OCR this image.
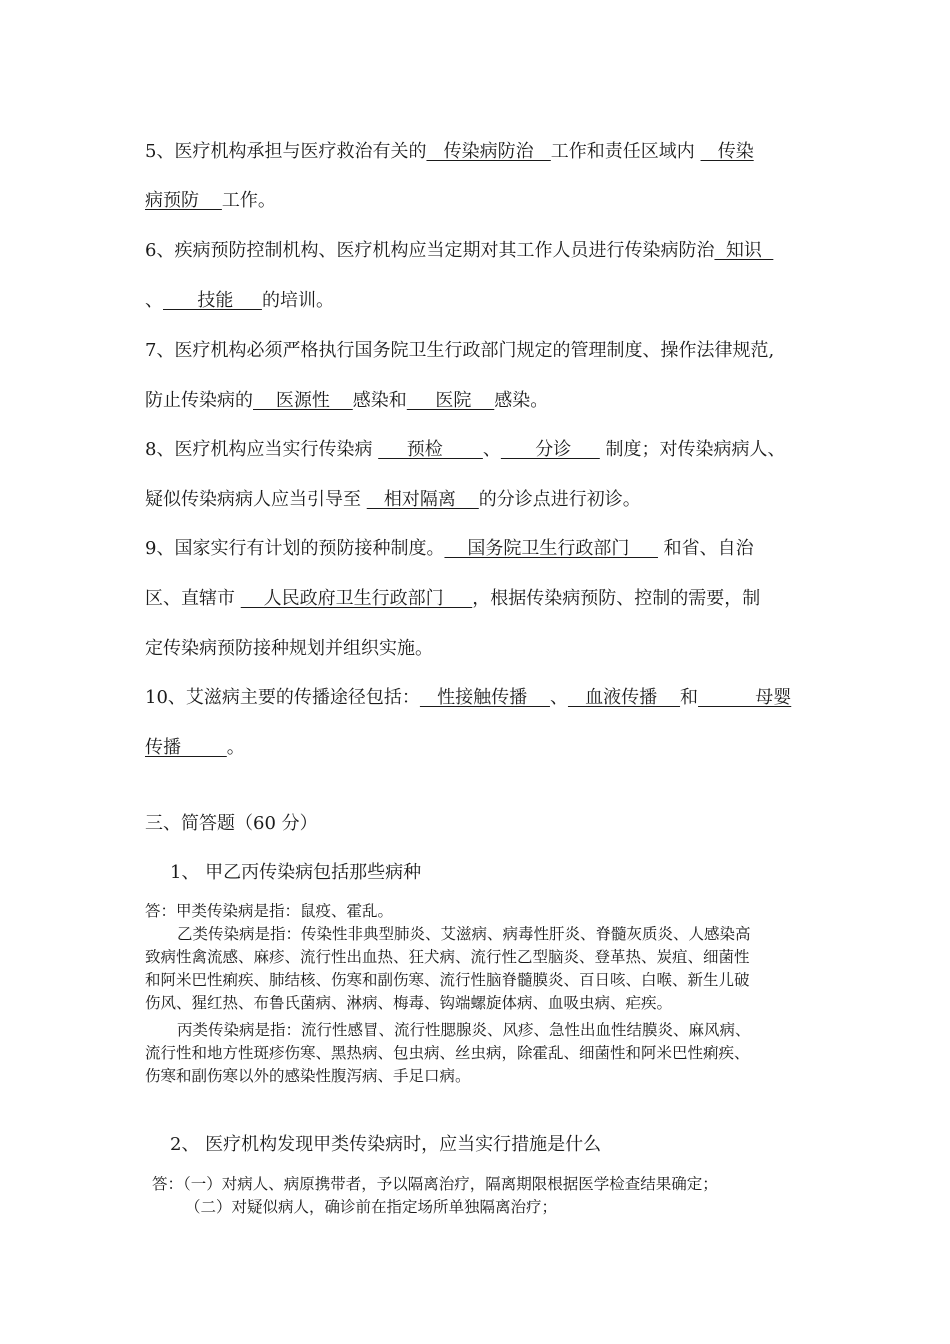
5、医疗机构承担与医疗救治有关的   传染病防治   工作和责任区域内    传染
病预防    工作。
6、疾病预防控制机构、医疗机构应当定期对其工作人员进行传染病防治  知识
、      技能     的培训。
7、医疗机构必须严格执行国务院卫生行政部门规定的管理制度、操作法律规范,
防止传染病的    医源性    感染和     医院    感染。
8、医疗机构应当实行传染病      预检       、      分诊      制度；对传染病病人、
疑似传染病病人应当引导至    相对隔离    的分诊点进行初诊。
9、国家实行有计划的预防接种制度。    国务院卫生行政部门      和省、自治
区、直辖市     人民政府卫生行政部门     ，根据传染病预防、控制的需要，制
定传染病预防接种规划并组织实施。
10、艾滋病主要的传播途径包括：   性接触传播    、   血液传播    和          母婴
传播        。
三、简答题（60 分）
1、 甲乙丙传染病包括那些病种
答：甲类传染病是指：鼠疫、霍乱。
乙类传染病是指：传染性非典型肺炎、艾滋病、病毒性肝炎、脊髓灰质炎、人感染高
致病性禽流感、麻疹、流行性出血热、狂犬病、流行性乙型脑炎、登革热、炭疽、细菌性
和阿米巴性痢疾、肺结核、伤寒和副伤寒、流行性脑脊髓膜炎、百日咳、白喉、新生儿破
伤风、猩红热、布鲁氏菌病、淋病、梅毒、钩端螺旋体病、血吸虫病、疟疾。
丙类传染病是指：流行性感冒、流行性腮腺炎、风疹、急性出血性结膜炎、麻风病、
流行性和地方性斑疹伤寒、黑热病、包虫病、丝虫病，除霍乱、细菌性和阿米巴性痢疾、
伤寒和副伤寒以外的感染性腹泻病、手足口病。
2、 医疗机构发现甲类传染病时，应当实行措施是什么
答：（一）对病人、病原携带者，予以隔离治疗，隔离期限根据医学检查结果确定；
（二）对疑似病人，确诊前在指定场所单独隔离治疗；
